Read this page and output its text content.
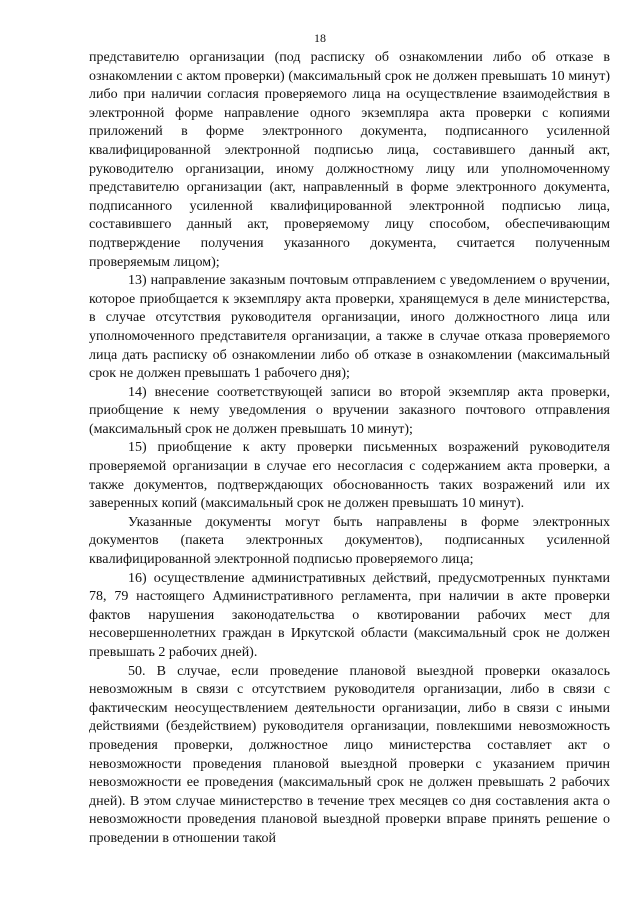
18

представителю организации (под расписку об ознакомлении либо об отказе в ознакомлении с актом проверки) (максимальный срок не должен превышать 10 минут) либо при наличии согласия проверяемого лица на осуществление взаимодействия в электронной форме направление одного экземпляра акта проверки с копиями приложений в форме электронного документа, подписанного усиленной квалифицированной электронной подписью лица, составившего данный акт, руководителю организации, иному должностному лицу или уполномоченному представителю организации (акт, направленный в форме электронного документа, подписанного усиленной квалифицированной электронной подписью лица, составившего данный акт, проверяемому лицу способом, обеспечивающим подтверждение получения указанного документа, считается полученным проверяемым лицом);

13) направление заказным почтовым отправлением с уведомлением о вручении, которое приобщается к экземпляру акта проверки, хранящемуся в деле министерства, в случае отсутствия руководителя организации, иного должностного лица или уполномоченного представителя организации, а также в случае отказа проверяемого лица дать расписку об ознакомлении либо об отказе в ознакомлении (максимальный срок не должен превышать 1 рабочего дня);

14) внесение соответствующей записи во второй экземпляр акта проверки, приобщение к нему уведомления о вручении заказного почтового отправления (максимальный срок не должен превышать 10 минут);

15) приобщение к акту проверки письменных возражений руководителя проверяемой организации в случае его несогласия с содержанием акта проверки, а также документов, подтверждающих обоснованность таких возражений или их заверенных копий (максимальный срок не должен превышать 10 минут).

Указанные документы могут быть направлены в форме электронных документов (пакета электронных документов), подписанных усиленной квалифицированной электронной подписью проверяемого лица;

16) осуществление административных действий, предусмотренных пунктами 78, 79 настоящего Административного регламента, при наличии в акте проверки фактов нарушения законодательства о квотировании рабочих мест для несовершеннолетних граждан в Иркутской области (максимальный срок не должен превышать 2 рабочих дней).

50. В случае, если проведение плановой выездной проверки оказалось невозможным в связи с отсутствием руководителя организации, либо в связи с фактическим неосуществлением деятельности организации, либо в связи с иными действиями (бездействием) руководителя организации, повлекшими невозможность проведения проверки, должностное лицо министерства составляет акт о невозможности проведения плановой выездной проверки с указанием причин невозможности ее проведения (максимальный срок не должен превышать 2 рабочих дней). В этом случае министерство в течение трех месяцев со дня составления акта о невозможности проведения плановой выездной проверки вправе принять решение о проведении в отношении такой
